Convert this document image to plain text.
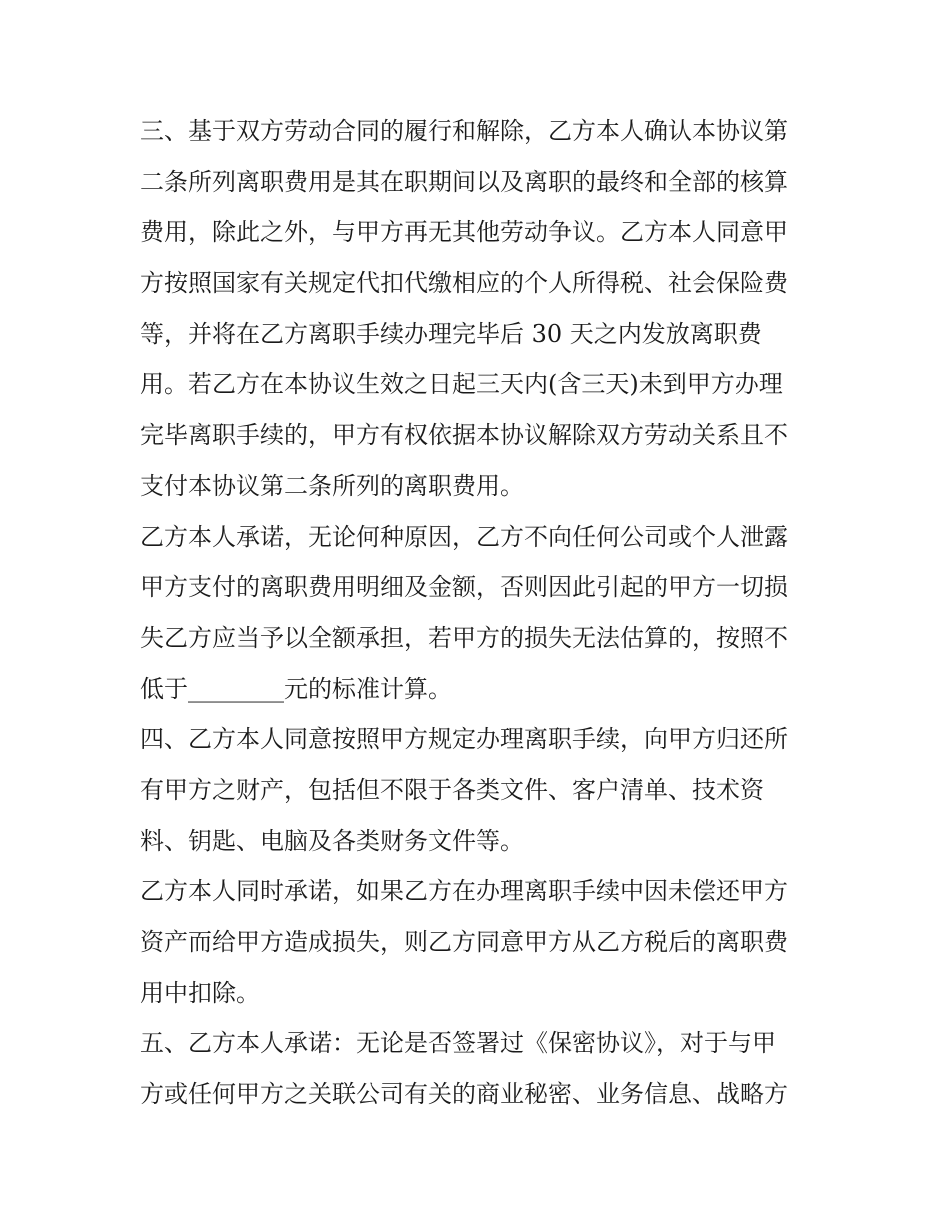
三、基于双方劳动合同的履行和解除，乙方本人确认本协议第
二条所列离职费用是其在职期间以及离职的最终和全部的核算
费用，除此之外，与甲方再无其他劳动争议。乙方本人同意甲
方按照国家有关规定代扣代缴相应的个人所得税、社会保险费
等，并将在乙方离职手续办理完毕后 30 天之内发放离职费
用。若乙方在本协议生效之日起三天内(含三天)未到甲方办理
完毕离职手续的，甲方有权依据本协议解除双方劳动关系且不
支付本协议第二条所列的离职费用。
乙方本人承诺，无论何种原因，乙方不向任何公司或个人泄露
甲方支付的离职费用明细及金额，否则因此引起的甲方一切损
失乙方应当予以全额承担，若甲方的损失无法估算的，按照不
低于________元的标准计算。
四、乙方本人同意按照甲方规定办理离职手续，向甲方归还所
有甲方之财产，包括但不限于各类文件、客户清单、技术资
料、钥匙、电脑及各类财务文件等。
乙方本人同时承诺，如果乙方在办理离职手续中因未偿还甲方
资产而给甲方造成损失，则乙方同意甲方从乙方税后的离职费
用中扣除。
五、乙方本人承诺：无论是否签署过《保密协议》，对于与甲
方或任何甲方之关联公司有关的商业秘密、业务信息、战略方
